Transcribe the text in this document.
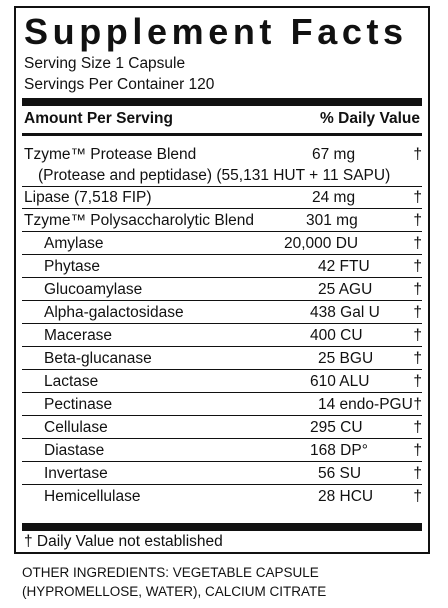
Supplement Facts
Serving Size 1 Capsule
Servings Per Container 120
Amount Per Serving	% Daily Value
Tzyme™ Protease Blend	67 mg	†
(Protease and peptidase) (55,131 HUT + 11 SAPU)
Lipase (7,518 FIP)	24 mg	†
Tzyme™ Polysaccharolytic Blend	301 mg	†
Amylase	20,000 DU	†
Phytase	42 FTU	†
Glucoamylase	25 AGU	†
Alpha-galactosidase	438 Gal U †
Macerase	400 CU	†
Beta-glucanase	25 BGU	†
Lactase	610 ALU	†
Pectinase	14 endo-PGU †
Cellulase	295 CU	†
Diastase	168 DP°	†
Invertase	56 SU	†
Hemicellulase	28 HCU	†
† Daily Value not established
OTHER INGREDIENTS: VEGETABLE CAPSULE
(HYPROMELLOSE, WATER), CALCIUM CITRATE
